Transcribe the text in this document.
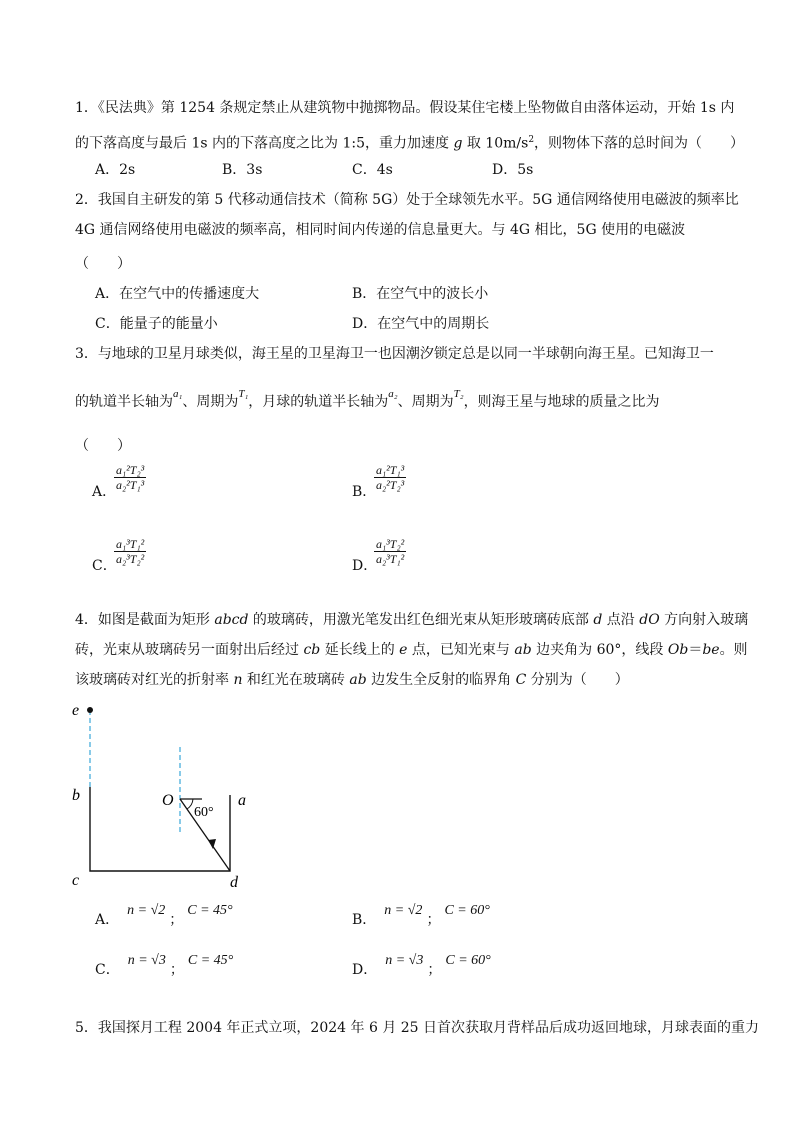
1．《民法典》第 1254 条规定禁止从建筑物中抛掷物品。假设某住宅楼上坠物做自由落体运动，开始 1s 内
的下落高度与最后 1s 内的下落高度之比为 1:5，重力加速度 g 取 $10m/s^2$，则物体下落的总时间为（　　）
A．2s	B．3s	C．4s	D．5s
2．我国自主研发的第 5 代移动通信技术（简称 5G）处于全球领先水平。5G 通信网络使用电磁波的频率比
4G 通信网络使用电磁波的频率高，相同时间内传递的信息量更大。与 4G 相比，5G 使用的电磁波
（　　）
A．在空气中的传播速度大	B．在空气中的波长小
C．能量子的能量小	D．在空气中的周期长
3．与地球的卫星月球类似，海王星的卫星海卫一也因潮汐锁定总是以同一半球朝向海王星。已知海卫一
的轨道半长轴为$^{a_1}$、周期为$^{T_1}$，月球的轨道半长轴为$^{a_2}$、周期为$^{T_2}$，则海王星与地球的质量之比为
（　　）
A．
$\frac{\text{a₁²T₂³}}{\text{a₂²T₁³}}$	B．
$\frac{\text{a₁²T₁³}}{\text{a₂²T₂³}}$
C．
$\frac{\text{a₁³T₁²}}{\text{a₂³T₂²}}$	D．
$\frac{\text{a₁³T₂²}}{\text{a₂³T₁²}}$
4．如图是截面为矩形 abcd 的玻璃砖，用激光笔发出红色细光束从矩形玻璃砖底部 d 点沿 dO 方向射入玻璃
砖，光束从玻璃砖另一面射出后经过 cb 延长线上的 e 点，已知光束与 ab 边夹角为 60°，线段 Ob＝be。则
该玻璃砖对红光的折射率 n 和红光在玻璃砖 ab 边发生全反射的临界角 C 分别为（　　）
e
b
c	d
O	a
60°
A．n = √2；C = 45°
B．n = √2；C = 60°
C．n = √3；C = 45°
D．n = √3；C = 60°
5．我国探月工程 2004 年正式立项，2024 年 6 月 25 日首次获取月背样品后成功返回地球，月球表面的重力
